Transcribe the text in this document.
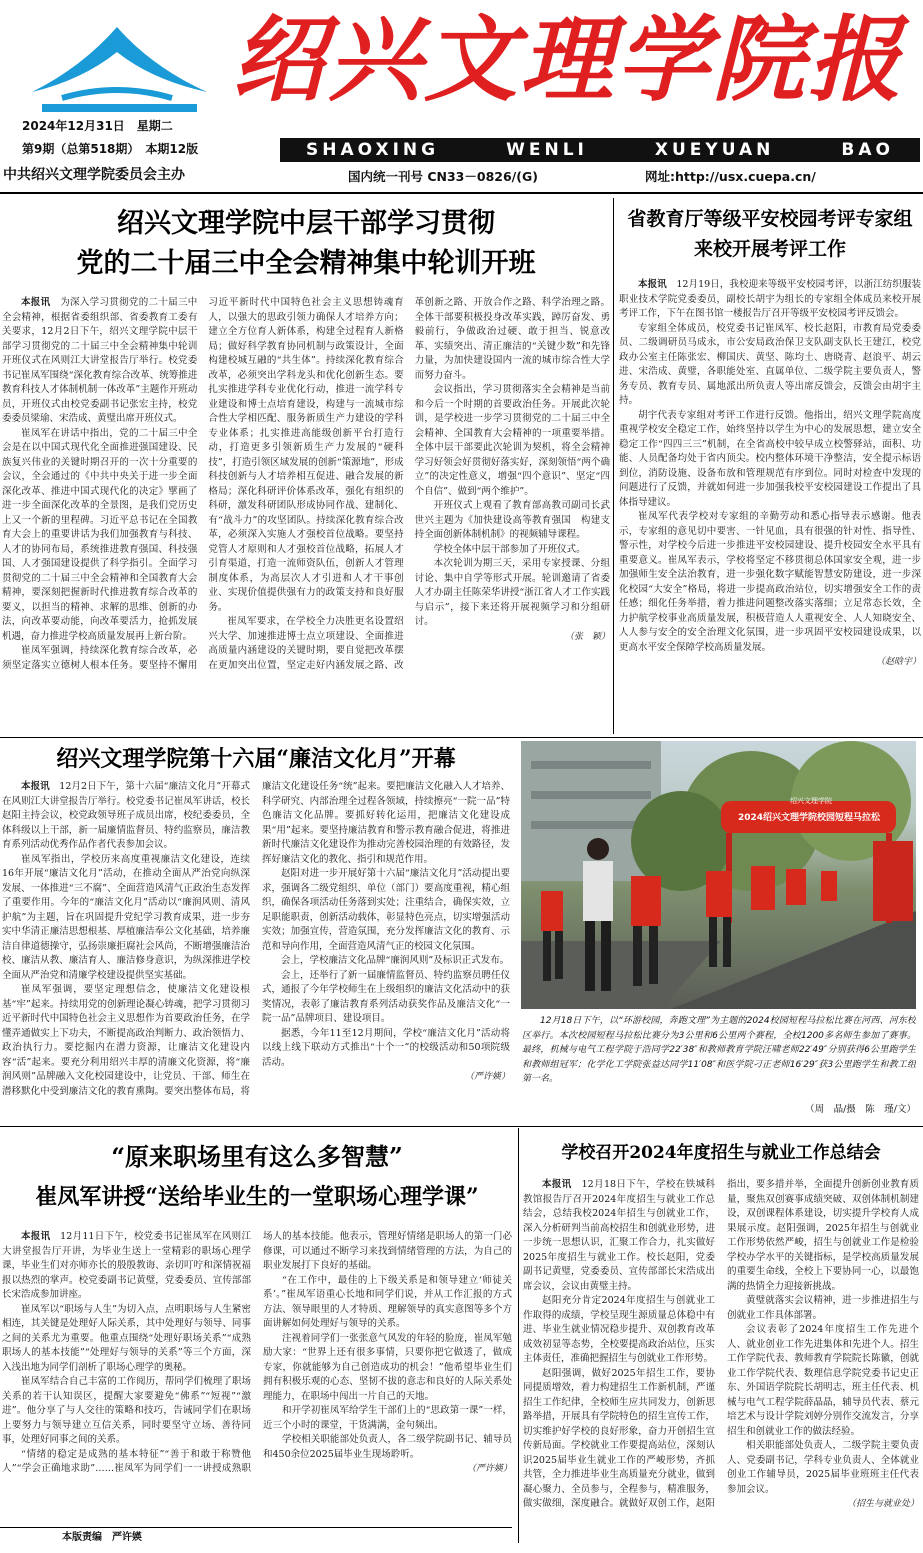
绍兴文理学院报
2024年12月31日　星期二
第9期（总第518期）　本期12版	SHAOXING	WENLI	XUEYUAN	BAO
中共绍兴文理学院委员会主办	国内统一刊号 CN33－0826/(G)	网址:http://usx.cuepa.cn/
绍兴文理学院中层干部学习贯彻
党的二十届三中全会精神集中轮训开班

本报讯　 为深入学习贯彻党的二十届三中全会精神，根据省委组织部、省委教育工委有关要求，12月2日下午，绍兴文理学院中层干部学习贯彻党的二十届三中全会精神集中轮训开班仪式在风则江大讲堂报告厅举行。校党委书记崔凤军围绕“深化教育综合改革、统筹推进教育科技人才体制机制一体改革”主题作开班动员，开班仪式由校党委副书记张宏主持，校党委委员梁瑜、宋浩成、黄璧出席开班仪式。

崔凤军在讲话中指出，党的二十届三中全会是在以中国式现代化全面推进强国建设、民族复兴伟业的关键时期召开的一次十分重要的会议，全会通过的《中共中央关于进一步全面深化改革、推进中国式现代化的决定》擘画了进一步全面深化改革的全景图，是我们党历史上又一个新的里程碑。习近平总书记在全国教育大会上的重要讲话为我们加强教育与科技、人才的协同布局，系统推进教育强国、科技强国、人才强国建设提供了科学指引。全面学习贯彻党的二十届三中全会精神和全国教育大会精神，要深刻把握新时代推进教育综合改革的要义，以担当的精神、求解的思维、创新的办法，向改革要动能，向改革要活力，抢抓发展机遇，奋力推进学校高质量发展再上新台阶。

崔凤军强调，持续深化教育综合改革，必须坚定落实立德树人根本任务。要坚持不懈用习近平新时代中国特色社会主义思想铸魂育人，以强大的思政引领力确保人才培养方向；建立全方位育人新体系，构建全过程育人新格局；做好科学教育协同机制与政策设计，全面构建校城互融的“共生体”。持续深化教育综合改革，必须突出学科龙头和优化创新生态。要扎实推进学科专业优化行动，推进一流学科专业建设和博士点培育建设，构建与一流城市综合性大学相匹配、服务新质生产力建设的学科专业体系；扎实推进高能级创新平台打造行动，打造更多引领新质生产力发展的“硬科技”，打造引领区域发展的创新“策源地”，形成科技创新与人才培养相互促进、融合发展的新格局；深化科研评价体系改革，强化有组织的科研，激发科研团队形成协同作战、建制化、有“战斗力”的攻坚团队。持续深化教育综合改革，必须深入实施人才强校首位战略。要坚持党管人才原则和人才强校首位战略，拓展人才引育渠道，打造一流师资队伍，创新人才管理制度体系，为高层次人才引进和人才干事创业、实现价值提供强有力的政策支持和良好服务。

崔凤军要求，在学校全力决胜更名设置绍兴大学、加速推进博士点立项建设、全面推进高质量内涵建设的关键时期，要自觉把改革摆在更加突出位置，坚定走好内涵发展之路、改革创新之路、开放合作之路、科学治理之路。全体干部要积极投身改革实践，踔厉奋发、勇毅前行，争做政治过硬、敢于担当、锐意改革、实绩突出、清正廉洁的“关键少数”和先锋力量，为加快建设国内一流的城市综合性大学而努力奋斗。

会议指出，学习贯彻落实全会精神是当前和今后一个时期的首要政治任务。开展此次轮训，是学校进一步学习贯彻党的二十届三中全会精神、全国教育大会精神的一项重要举措。全体中层干部要此次轮训为契机，将全会精神学习好领会好贯彻好落实好，深刻领悟“两个确立”的决定性意义，增强“四个意识”、坚定“四个自信”、做到“两个维护”。

开班仪式上观看了教育部高教司副司长武世兴主题为《加快建设高等教育强国　构建支持全面创新体制机制》的视频辅导课程。

学校全体中层干部参加了开班仪式。

本次轮训为期三天，采用专家授课、分组讨论、集中自学等形式开展。轮训邀请了省委人才办副主任陈荣华讲授“浙江省人才工作实践与启示”，接下来还将开展视频学习和分组研讨。

（张　颖）
省教育厅等级平安校园考评专家组
来校开展考评工作

本报讯　 12月19日，我校迎来等级平安校园考评，以浙江纺织服装职业技术学院党委委员，副校长胡宇为组长的专家组全体成员来校开展考评工作，下午在图书馆一楼报告厅召开等级平安校园考评反馈会。

专家组全体成员，校党委书记崔凤军、校长赵阳，市教育局党委委员、二级调研员马成永，市公安局政治保卫支队副支队长王建江，校党政办公室主任陈张宏、柳国庆、黄坚、陈均土、唐晓青、赵浪平、胡云进、宋浩成、黄璧，各职能处室、直属单位、二级学院主要负责人，警务专员、教育专员、属地派出所负责人等出席反馈会，反馈会由胡宇主持。

胡宇代表专家组对考评工作进行反馈。他指出，绍兴文理学院高度重视学校安全稳定工作，始终坚持以学生为中心的发展思想，建立安全稳定工作“四四三三”机制，在全省高校中较早成立校警驿站，面积、功能、人员配备均处于省内顶尖。校内整体环境干净整洁，安全提示标语到位，消防设施、设备布放和管理规范有序到位。同时对检查中发现的问题进行了反馈，并就如何进一步加强我校平安校园建设工作提出了具体指导建议。

崔凤军代表学校对专家组的辛勤劳动和悉心指导表示感谢。他表示，专家组的意见切中要害、一针见血，具有很强的针对性、指导性、警示性，对学校今后进一步推进平安校园建设、提升校园安全水平具有重要意义。崔凤军表示，学校将坚定不移贯彻总体国家安全观，进一步加强师生安全法治教育，进一步强化数字赋能智慧安防建设，进一步深化校园“大安全”格局，将进一步提高政治站位，切实增强安全工作的责任感；细化任务举措，着力推进问题整改落实落细；立足常态长效，全力护航学校事业高质量发展，积极营造人人重视安全、人人知晓安全、人人参与安全的安全治理文化氛围，进一步巩固平安校园建设成果，以更高水平安全保障学校高质量发展。

（赵晗宇）
绍兴文理学院第十六届“廉洁文化月”开幕

本报讯　 12月2日下午，第十六届“廉洁文化月”开幕式在风则江大讲堂报告厅举行。校党委书记崔凤军讲话，校长赵阳主持会议，校党政领导班子成员出席，校纪委委员，全体科级以上干部，新一届廉情监督员、特约监察员，廉洁教育系列活动优秀作品作者代表参加会议。

崔凤军指出，学校历来高度重视廉洁文化建设，连续16年开展“廉洁文化月”活动，在推动全面从严治党向纵深发展、一体推进“三不腐”、全面营造风清气正政治生态发挥了重要作用。今年的“廉洁文化月”活动以“廉润风则、清风护航”为主题，旨在巩固提升党纪学习教育成果，进一步夯实中华清正廉洁思想根基、厚植廉洁奉公文化基础，培养廉洁自律道德操守，弘扬崇廉拒腐社会风尚，不断增强廉洁治校、廉洁从教、廉洁育人、廉洁修身意识，为纵深推进学校全面从严治党和清廉学校建设提供坚实基础。

崔凤军强调，要坚定理想信念，使廉洁文化建设根基“牢”起来。持续用党的创新理论凝心铸魂，把学习贯彻习近平新时代中国特色社会主义思想作为首要政治任务，在学懂弄通做实上下功夫，不断提高政治判断力、政治领悟力、政治执行力。要挖掘内在潜力资源，让廉洁文化建设内容“活”起来。要充分利用绍兴丰厚的清廉文化资源，将“廉润风则”品牌融入文化校园建设中，让党员、干部、师生在潜移默化中受到廉洁文化的教育熏陶。要突出整体布局，将廉洁文化建设任务“统”起来。要把廉洁文化融入人才培养、科学研究、内部治理全过程各领域，持续擦亮“一院一品”特色廉洁文化品牌。要抓好转化运用，把廉洁文化建设成果“用”起来。要坚持廉洁教育和警示教育融合促进，将推进新时代廉洁文化建设作为推动完善校园治理的有效路径，发挥好廉洁文化的教化、指引和规范作用。

赵阳对进一步开展好第十六届“廉洁文化月”活动提出要求，强调各二级党组织、单位（部门）要高度重视，精心组织，确保各项活动任务落到实处；注重结合，确保实效，立足职能职责，创新活动载体，彰显特色亮点，切实增强活动实效；加强宣传，营造氛围，充分发挥廉洁文化的教育、示范和导向作用，全面营造风清气正的校园文化氛围。

会上，学校廉洁文化品牌“廉润风则”及标识正式发布。

会上，还举行了新一届廉情监督员、特约监察员聘任仪式，通报了今年学校师生在上级组织的廉洁文化活动中的获奖情况，表彰了廉洁教育系列活动获奖作品及廉洁文化“一院一品”品牌项目、建设项目。

据悉，今年11至12月期间，学校“廉洁文化月”活动将以线上线下联动方式推出“十个一”的校级活动和50项院级活动。

（严许媖）
2024绍兴文理学院校园短程马拉松
绍兴文理学院
12月18日下午，以“环游校园，奔跑文理”为主题的2024校园短程马拉松比赛在河西、河东校区举行。本次校园短程马拉松比赛分为3公里和6公里两个赛程，全校1200多名师生参加了赛事。最终，机械与电气工程学院于浩同学22′38″和教师教育学院汪啸老师22′49″分别获得6公里跑学生和教师组冠军；化学化工学院张益达同学11′08″和医学院刁正老师16′29″获3公里跑学生和教工组第一名。
（周　晶/摄　陈　瑾/文）
“原来职场里有这么多智慧”
崔凤军讲授“送给毕业生的一堂职场心理学课”

本报讯　 12月11日下午，校党委书记崔凤军在风则江大讲堂报告厅开讲，为毕业生送上一堂精彩的职场心理学课，毕业生们对亦师亦长的殷殷教诲、亲切叮咛和深情祝福报以热烈的掌声。校党委副书记黄璧，党委委员、宣传部部长宋浩成参加讲座。

崔凤军以“职场与人生”为切入点，点明职场与人生紧密相连，其关键是处理好人际关系，其中处理好与领导、同事之间的关系尤为重要。他重点围绕“处理好职场关系”“成熟职场人的基本技能”“处理好与领导的关系”等三个方面，深入浅出地为同学们剖析了职场心理学的奥秘。

崔凤军结合自己丰富的工作阅历，帮同学们梳理了职场关系的若干认知误区，提醒大家要避免“佛系”“短视”“激进”。他分享了与人交往的策略和技巧，告诫同学们在职场上要努力与领导建立互信关系，同时要坚守立场、善待同事，处理好同事之间的关系。

“情绪的稳定是成熟的基本特征”“善于和敢于称赞他人”“学会正确地求助”……崔凤军为同学们一一讲授成熟职场人的基本技能。他表示，管理好情绪是职场人的第一门必修课，可以通过不断学习来找到情绪管理的方法，为自己的职业发展打下良好的基础。

“在工作中，最佳的上下级关系是和领导建立‘师徒关系’。”崔凤军语重心长地和同学们说，并从工作汇报的方式方法、领导眼里的人才特质、理解领导的真实意图等多个方面讲解如何处理好与领导的关系。

注视着同学们一张张意气风发的年轻的脸庞，崔凤军勉励大家：“世界上还有很多事情，只要你把它做透了，做成专家，你就能够为自己创造成功的机会！”他希望毕业生们拥有积极乐观的心态、坚韧不拔的意志和良好的人际关系处理能力，在职场中闯出一片自己的天地。

和开学初崔凤军给学生干部们上的“思政第一课”一样，近三个小时的课堂，干货满满，金句频出。

学校相关职能部处负责人，各二级学院副书记、辅导员和450余位2025届毕业生现场聆听。

（严许媖）
学校召开2024年度招生与就业工作总结会

本报讯　 12月18日下午，学校在铁城科教馆报告厅召开2024年度招生与就业工作总结会，总结我校2024年招生与创就业工作，深入分析研判当前高校招生和创就业形势，进一步统一思想认识，汇聚工作合力，扎实做好2025年度招生与就业工作。校长赵阳，党委副书记黄璧，党委委员、宣传部部长宋浩成出席会议，会议由黄璧主持。

赵阳充分肯定2024年度招生与创就业工作取得的成绩，学校呈现生源质量总体稳中有进、毕业生就业情况稳步提升、双创教育改革成效初显等态势，全校要提高政治站位，压实主体责任，准确把握招生与创就业工作形势。

赵阳强调，做好2025年招生工作，要协同提质增效，着力构建招生工作新机制，严谨招生工作纪律，全校师生应共同发力，创新思路举措，开展具有学院特色的招生宣传工作，切实维护好学校的良好形象，奋力开创招生宣传新局面。学校就业工作要提高站位，深刻认识2025届毕业生就业工作的严峻形势，齐抓共管，全力推进毕业生高质量充分就业，做到凝心聚力、全员参与，全程参与，精准服务，做实做细，深度融合。就做好双创工作，赵阳指出，要多措并举，全面提升创新创业教育质量，聚焦双创赛事成绩突破、双创体制机制建设，双创课程体系建设，切实提升学校育人成果展示度。赵阳强调，2025年招生与创就业工作形势依然严峻，招生与创就业工作是检验学校办学水平的关键指标，是学校高质量发展的重要生命线，全校上下要协同一心，以最饱满的热情全力迎接新挑战。

黄璧就落实会议精神，进一步推进招生与创就业工作具体部署。

会议表彰了2024年度招生工作先进个人、就业创业工作先进集体和先进个人。招生工作学院代表、教师教育学院院长陈徽，创就业工作学院代表、数理信息学院党委书记史正东、外国语学院院长胡明志，班主任代表、机械与电气工程学院薛晶晶，辅导员代表、蔡元培艺术与设计学院刘婷分别作交流发言，分享招生和创就业工作的做法经验。

相关职能部处负责人，二级学院主要负责人、党委副书记，学科专业负责人、全体就业创业工作辅导员，2025届毕业班班主任代表参加会议。

（招生与就业处）
本版责编　严许媖
